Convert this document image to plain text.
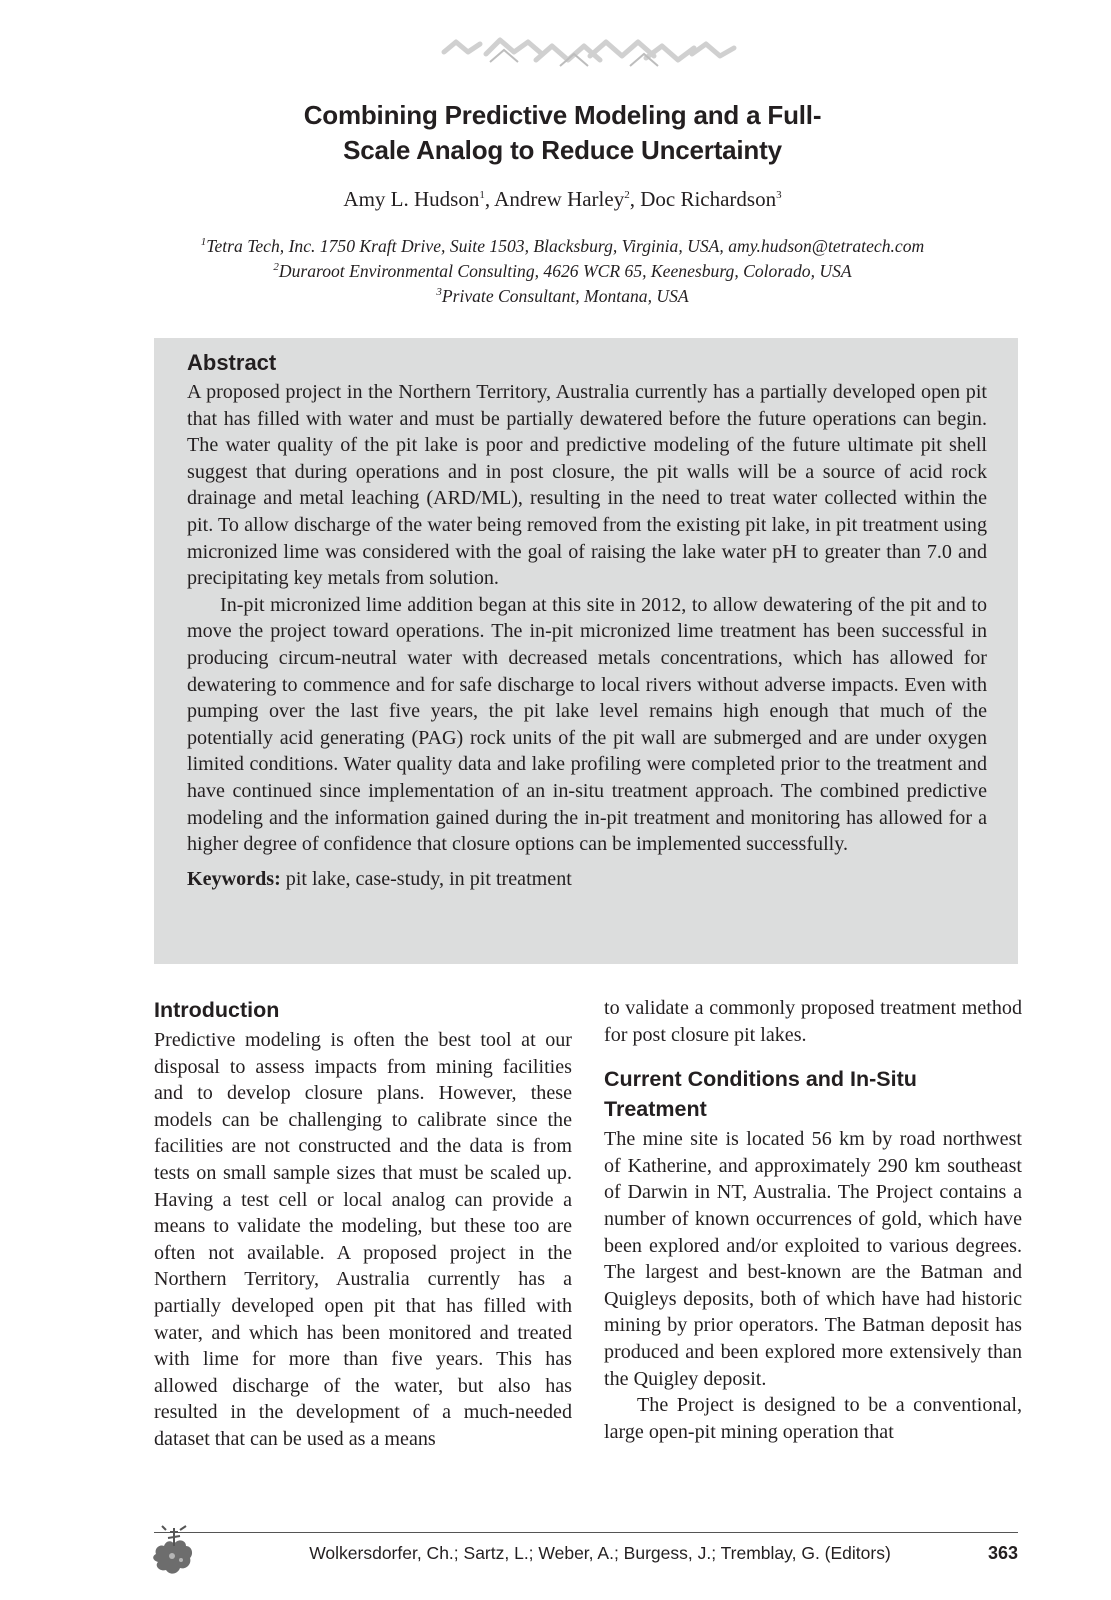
Combining Predictive Modeling and a Full-
Scale Analog to Reduce Uncertainty
Amy L. Hudson$^1$, Andrew Harley$^2$, Doc Richardson$^3$
$^1$Tetra Tech, Inc. 1750 Kraft Drive, Suite 1503, Blacksburg, Virginia, USA, amy.hudson@tetratech.com
$^2$Duraroot Environmental Consulting, 4626 WCR 65, Keenesburg, Colorado, USA
$^3$Private Consultant, Montana, USA
Abstract

A proposed project in the Northern Territory, Australia currently has a partially developed open pit that has filled with water and must be partially dewatered before the future operations can begin. The water quality of the pit lake is poor and predictive modeling of the future ultimate pit shell suggest that during operations and in post closure, the pit walls will be a source of acid rock drainage and metal leaching (ARD/ML), resulting in the need to treat water collected within the pit. To allow discharge of the water being removed from the existing pit lake, in pit treatment using micronized lime was considered with the goal of raising the lake water pH to greater than 7.0 and precipitating key metals from solution.

In-pit micronized lime addition began at this site in 2012, to allow dewatering of the pit and to move the project toward operations. The in-pit micronized lime treatment has been successful in producing circum-neutral water with decreased metals concentrations, which has allowed for dewatering to commence and for safe discharge to local rivers without adverse impacts. Even with pumping over the last five years, the pit lake level remains high enough that much of the potentially acid generating (PAG) rock units of the pit wall are submerged and are under oxygen limited conditions. Water quality data and lake profiling were completed prior to the treatment and have continued since implementation of an in-situ treatment approach. The combined predictive modeling and the information gained during the in-pit treatment and monitoring has allowed for a higher degree of confidence that closure options can be implemented successfully.

Keywords: pit lake, case-study, in pit treatment

Introduction

Predictive modeling is often the best tool at our disposal to assess impacts from mining facilities and to develop closure plans. However, these models can be challenging to calibrate since the facilities are not constructed and the data is from tests on small sample sizes that must be scaled up. Having a test cell or local analog can provide a means to validate the modeling, but these too are often not available. A proposed project in the Northern Territory, Australia currently has a partially developed open pit that has filled with water, and which has been monitored and treated with lime for more than five years. This has allowed discharge of the water, but also has resulted in the development of a much-needed dataset that can be used as a means

to validate a commonly proposed treatment method for post closure pit lakes.

Current Conditions and In-Situ Treatment

The mine site is located 56 km by road northwest of Katherine, and approximately 290 km southeast of Darwin in NT, Australia. The Project contains a number of known occurrences of gold, which have been explored and/or exploited to various degrees. The largest and best-known are the Batman and Quigleys deposits, both of which have had historic mining by prior operators. The Batman deposit has produced and been explored more extensively than the Quigley deposit.

The Project is designed to be a conventional, large open-pit mining operation that

Wolkersdorfer, Ch.; Sartz, L.; Weber, A.; Burgess, J.; Tremblay, G. (Editors)	363
